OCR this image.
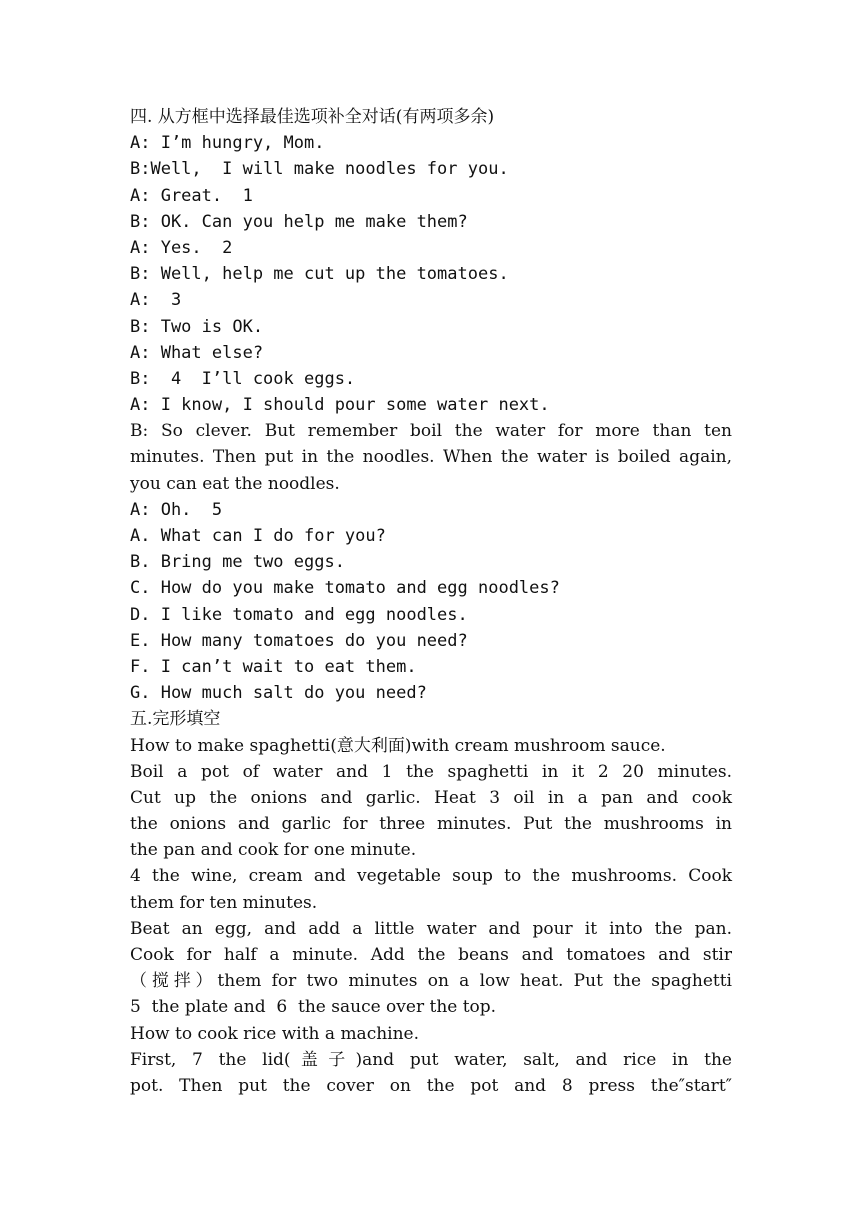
四. 从方框中选择最佳选项补全对话(有两项多余)
A: I’m hungry, Mom.
B:Well,  I will make noodles for you.
A: Great.  1
B: OK. Can you help me make them?
A: Yes.  2
B: Well, help me cut up the tomatoes.
A:  3
B: Two is OK.
A: What else?
B:  4  I’ll cook eggs.
A: I know, I should pour some water next.
B: So clever. But remember boil the water for more than ten
minutes. Then put in the noodles. When the water is boiled again,
you can eat the noodles.
A: Oh.  5
A. What can I do for you?
B. Bring me two eggs.
C. How do you make tomato and egg noodles?
D. I like tomato and egg noodles.
E. How many tomatoes do you need?
F. I can’t wait to eat them.
G. How much salt do you need?
五.完形填空
How to make spaghetti(意大利面)with cream mushroom sauce.
Boil a pot of water and 1 the spaghetti in it 2 20 minutes.
Cut up the onions and garlic. Heat 3 oil in a pan and cook
the onions and garlic for three minutes. Put the mushrooms in
the pan and cook for one minute.
4 the wine, cream and vegetable soup to the mushrooms. Cook
them for ten minutes.
Beat an egg, and add a little water and pour it into the pan.
Cook for half a minute. Add the beans and tomatoes and stir
（搅拌）them for two minutes on a low heat. Put the spaghetti
5  the plate and  6  the sauce over the top.
How to cook rice with a machine.
First, 7 the lid(盖子)and put water, salt, and rice in the
pot. Then put the cover on the pot and 8 press the″start″
